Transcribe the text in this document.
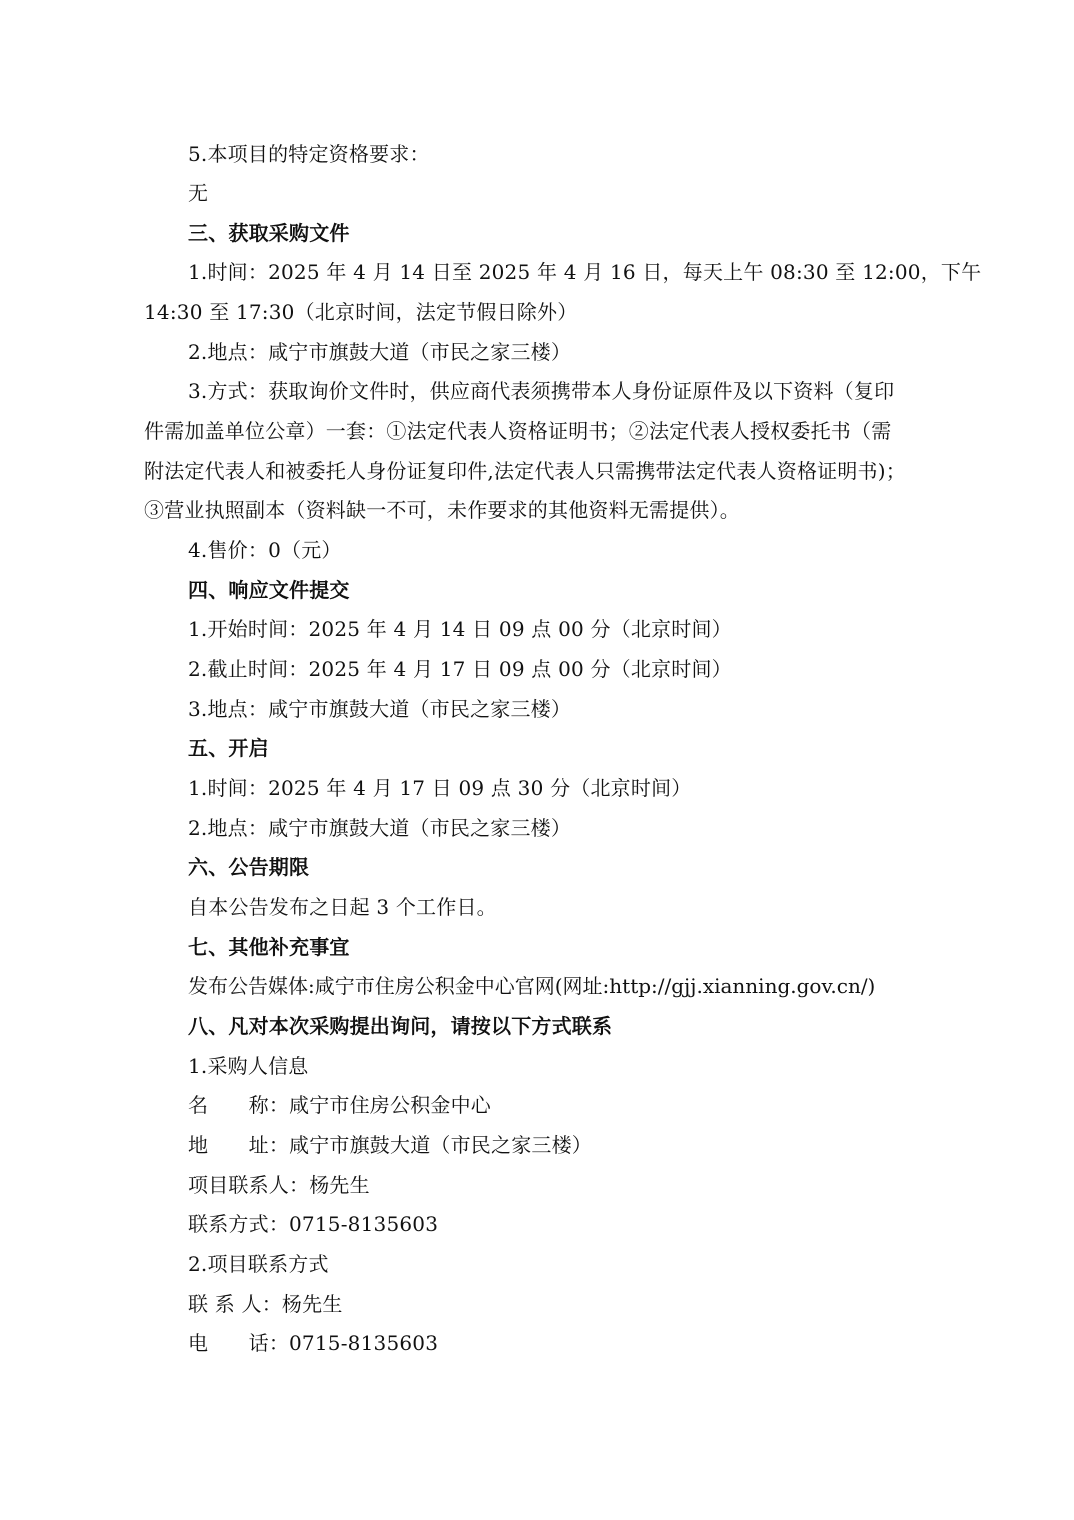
5.本项目的特定资格要求：
无
三、获取采购文件
1.时间：2025 年 4 月 14 日至 2025 年 4 月 16 日，每天上午 08:30 至 12:00，下午
14:30 至 17:30（北京时间，法定节假日除外）
2.地点：咸宁市旗鼓大道（市民之家三楼）
3.方式：获取询价文件时，供应商代表须携带本人身份证原件及以下资料（复印
件需加盖单位公章）一套：①法定代表人资格证明书；②法定代表人授权委托书（需
附法定代表人和被委托人身份证复印件,法定代表人只需携带法定代表人资格证明书)；
③营业执照副本（资料缺一不可，未作要求的其他资料无需提供）。
4.售价：0（元）
四、响应文件提交
1.开始时间：2025 年 4 月 14 日 09 点 00 分（北京时间）
2.截止时间：2025 年 4 月 17 日 09 点 00 分（北京时间）
3.地点：咸宁市旗鼓大道（市民之家三楼）
五、开启
1.时间：2025 年 4 月 17 日 09 点 30 分（北京时间）
2.地点：咸宁市旗鼓大道（市民之家三楼）
六、公告期限
自本公告发布之日起 3 个工作日。
七、其他补充事宜
发布公告媒体:咸宁市住房公积金中心官网(网址:http://gjj.xianning.gov.cn/)
八、凡对本次采购提出询问，请按以下方式联系
1.采购人信息
名　　称：咸宁市住房公积金中心
地　　址：咸宁市旗鼓大道（市民之家三楼）
项目联系人：杨先生
联系方式：0715-8135603
2.项目联系方式
联 系 人：杨先生
电　　话：0715-8135603
